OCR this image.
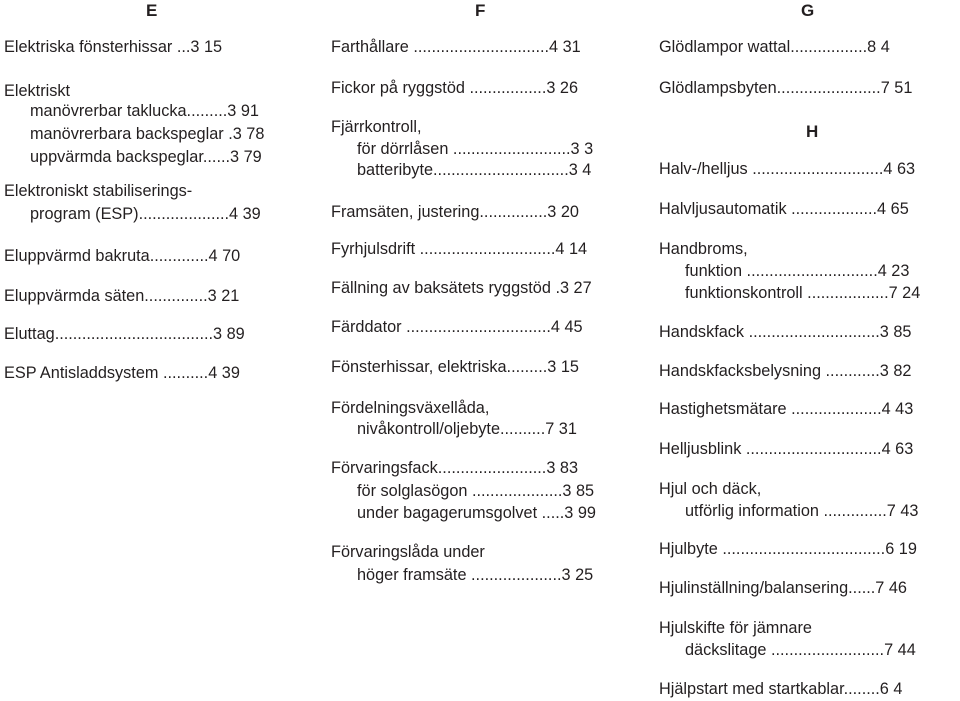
E
Elektriska fönsterhissar ...3 15
Elektriskt
manövrerbar taklucka.........3 91
manövrerbara backspeglar .3 78
uppvärmda backspeglar......3 79
Elektroniskt stabiliserings-
program (ESP)....................4 39
Eluppvärmd bakruta.............4 70
Eluppvärmda säten..............3 21
Eluttag...................................3 89
ESP Antisladdsystem ..........4 39
F
Farthållare ..............................4 31
Fickor på ryggstöd .................3 26
Fjärrkontroll,
för dörrlåsen ..........................3 3
batteribyte..............................3 4
Framsäten, justering...............3 20
Fyrhjulsdrift ..............................4 14
Fällning av baksätets ryggstöd .3 27
Färddator ................................4 45
Fönsterhissar, elektriska.........3 15
Fördelningsväxellåda,
nivåkontroll/oljebyte..........7 31
Förvaringsfack........................3 83
för solglasögon ....................3 85
under bagagerumsgolvet .....3 99
Förvaringslåda under
höger framsäte ....................3 25
G
Glödlampor wattal.................8 4
Glödlampsbyten.......................7 51
H
Halv-/helljus .............................4 63
Halvljusautomatik ...................4 65
Handbroms,
funktion .............................4 23
funktionskontroll ..................7 24
Handskfack .............................3 85
Handskfacksbelysning ............3 82
Hastighetsmätare ....................4 43
Helljusblink ..............................4 63
Hjul och däck,
utförlig information ..............7 43
Hjulbyte ....................................6 19
Hjulinställning/balansering......7 46
Hjulskifte för jämnare
däckslitage .........................7 44
Hjälpstart med startkablar........6 4
